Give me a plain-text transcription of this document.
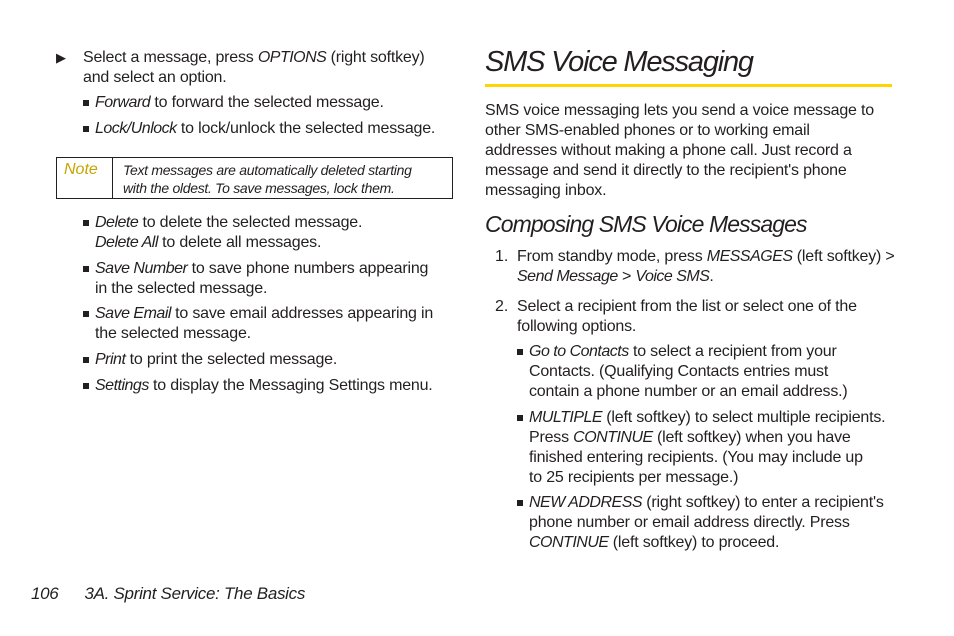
▶	Select a message, press OPTIONS (right softkey)
and select an option.

Forward to forward the selected message.
Lock/Unlock to lock/unlock the selected message.
Note	Text messages are automatically deleted starting
with the oldest. To save messages, lock them.
Delete to delete the selected message.
Delete All to delete all messages.
Save Number to save phone numbers appearing
in the selected message.
Save Email to save email addresses appearing in
the selected message.
Print to print the selected message.
Settings to display the Messaging Settings menu.
SMS Voice Messaging

SMS voice messaging lets you send a voice message to
other SMS-enabled phones or to working email
addresses without making a phone call. Just record a
message and send it directly to the recipient's phone
messaging inbox.

Composing SMS Voice Messages
1. From standby mode, press MESSAGES (left softkey) >
Send Message > Voice SMS.

2. Select a recipient from the list or select one of the
following options.

Go to Contacts to select a recipient from your
Contacts. (Qualifying Contacts entries must
contain a phone number or an email address.)
MULTIPLE (left softkey) to select multiple recipients.
Press CONTINUE (left softkey) when you have
finished entering recipients. (You may include up
to 25 recipients per message.)
NEW ADDRESS (right softkey) to enter a recipient's
phone number or email address directly. Press
CONTINUE (left softkey) to proceed.
106 3A. Sprint Service: The Basics
